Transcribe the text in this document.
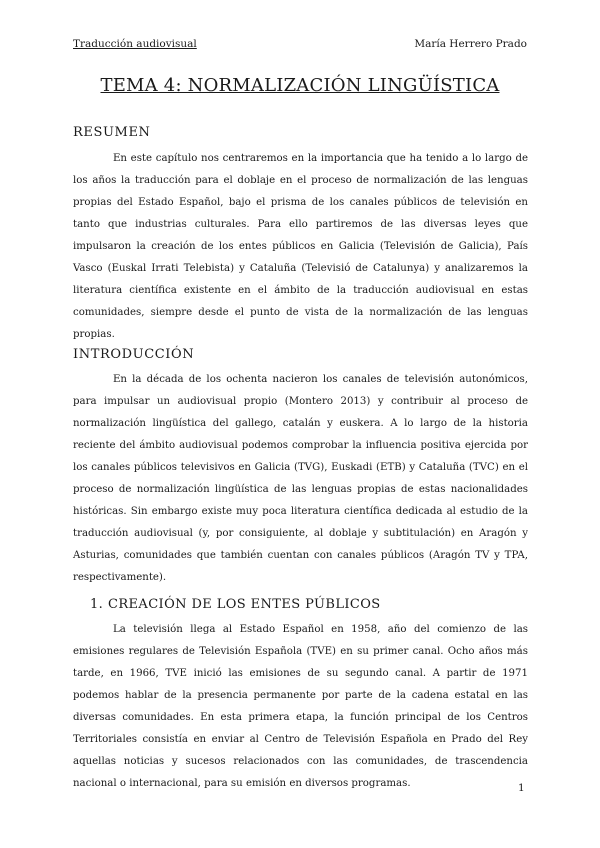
Traducción audiovisual	María Herrero Prado
TEMA 4: NORMALIZACIÓN LINGÜÍSTICA
RESUMEN

En este capítulo nos centraremos en la importancia que ha tenido a lo largo de los años la traducción para el doblaje en el proceso de normalización de las lenguas propias del Estado Español, bajo el prisma de los canales públicos de televisión en tanto que industrias culturales. Para ello partiremos de las diversas leyes que impulsaron la creación de los entes públicos en Galicia (Televisión de Galicia), País Vasco (Euskal Irrati Telebista) y Cataluña (Televisió de Catalunya) y analizaremos la literatura científica existente en el ámbito de la traducción audiovisual en estas comunidades, siempre desde el punto de vista de la normalización de las lenguas propias.

INTRODUCCIÓN

En la década de los ochenta nacieron los canales de televisión autonómicos, para impulsar un audiovisual propio (Montero 2013) y contribuir al proceso de normalización lingüística del gallego, catalán y euskera. A lo largo de la historia reciente del ámbito audiovisual podemos comprobar la influencia positiva ejercida por los canales públicos televisivos en Galicia (TVG), Euskadi (ETB) y Cataluña (TVC) en el proceso de normalización lingüística de las lenguas propias de estas nacionalidades históricas. Sin embargo existe muy poca literatura científica dedicada al estudio de la traducción audiovisual (y, por consiguiente, al doblaje y subtitulación) en Aragón y Asturias, comunidades que también cuentan con canales públicos (Aragón TV y TPA, respectivamente).

1. CREACIÓN DE LOS ENTES PÚBLICOS

La televisión llega al Estado Español en 1958, año del comienzo de las emisiones regulares de Televisión Española (TVE) en su primer canal. Ocho años más tarde, en 1966, TVE inició las emisiones de su segundo canal. A partir de 1971 podemos hablar de la presencia permanente por parte de la cadena estatal en las diversas comunidades. En esta primera etapa, la función principal de los Centros Territoriales consistía en enviar al Centro de Televisión Española en Prado del Rey aquellas noticias y sucesos relacionados con las comunidades, de trascendencia nacional o internacional, para su emisión en diversos programas.	1
